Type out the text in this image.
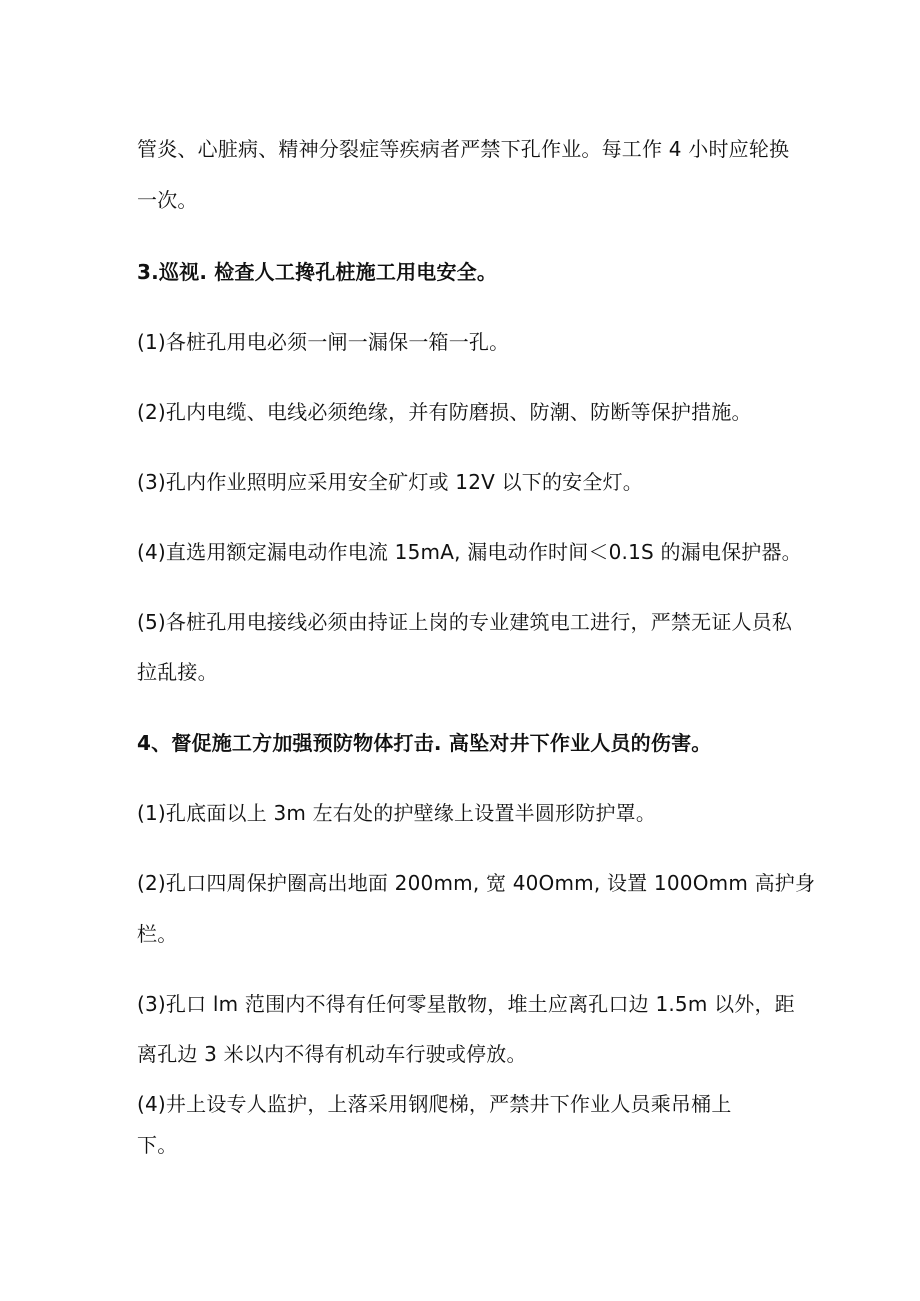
管炎、心脏病、精神分裂症等疾病者严禁下孔作业。每工作 4 小时应轮换
一次。
3.巡视. 检查人工搀孔桩施工用电安全。
(1)各桩孔用电必须一闸一漏保一箱一孔。
(2)孔内电缆、电线必须绝缘，并有防磨损、防潮、防断等保护措施。
(3)孔内作业照明应采用安全矿灯或 12V 以下的安全灯。
(4)直选用额定漏电动作电流 15mA, 漏电动作时间＜0.1S 的漏电保护器。
(5)各桩孔用电接线必须由持证上岗的专业建筑电工进行，严禁无证人员私
拉乱接。
4、督促施工方加强预防物体打击. 高坠对井下作业人员的伤害。
(1)孔底面以上 3m 左右处的护壁缘上设置半圆形防护罩。
(2)孔口四周保护圈高出地面 200mm, 宽 40Omm, 设置 100Omm 高护身
栏。
(3)孔口 lm 范围内不得有任何零星散物，堆土应离孔口边 1.5m 以外，距
离孔边 3 米以内不得有机动车行驶或停放。
(4)井上设专人监护，上落采用钢爬梯，严禁井下作业人员乘吊桶上
下。
